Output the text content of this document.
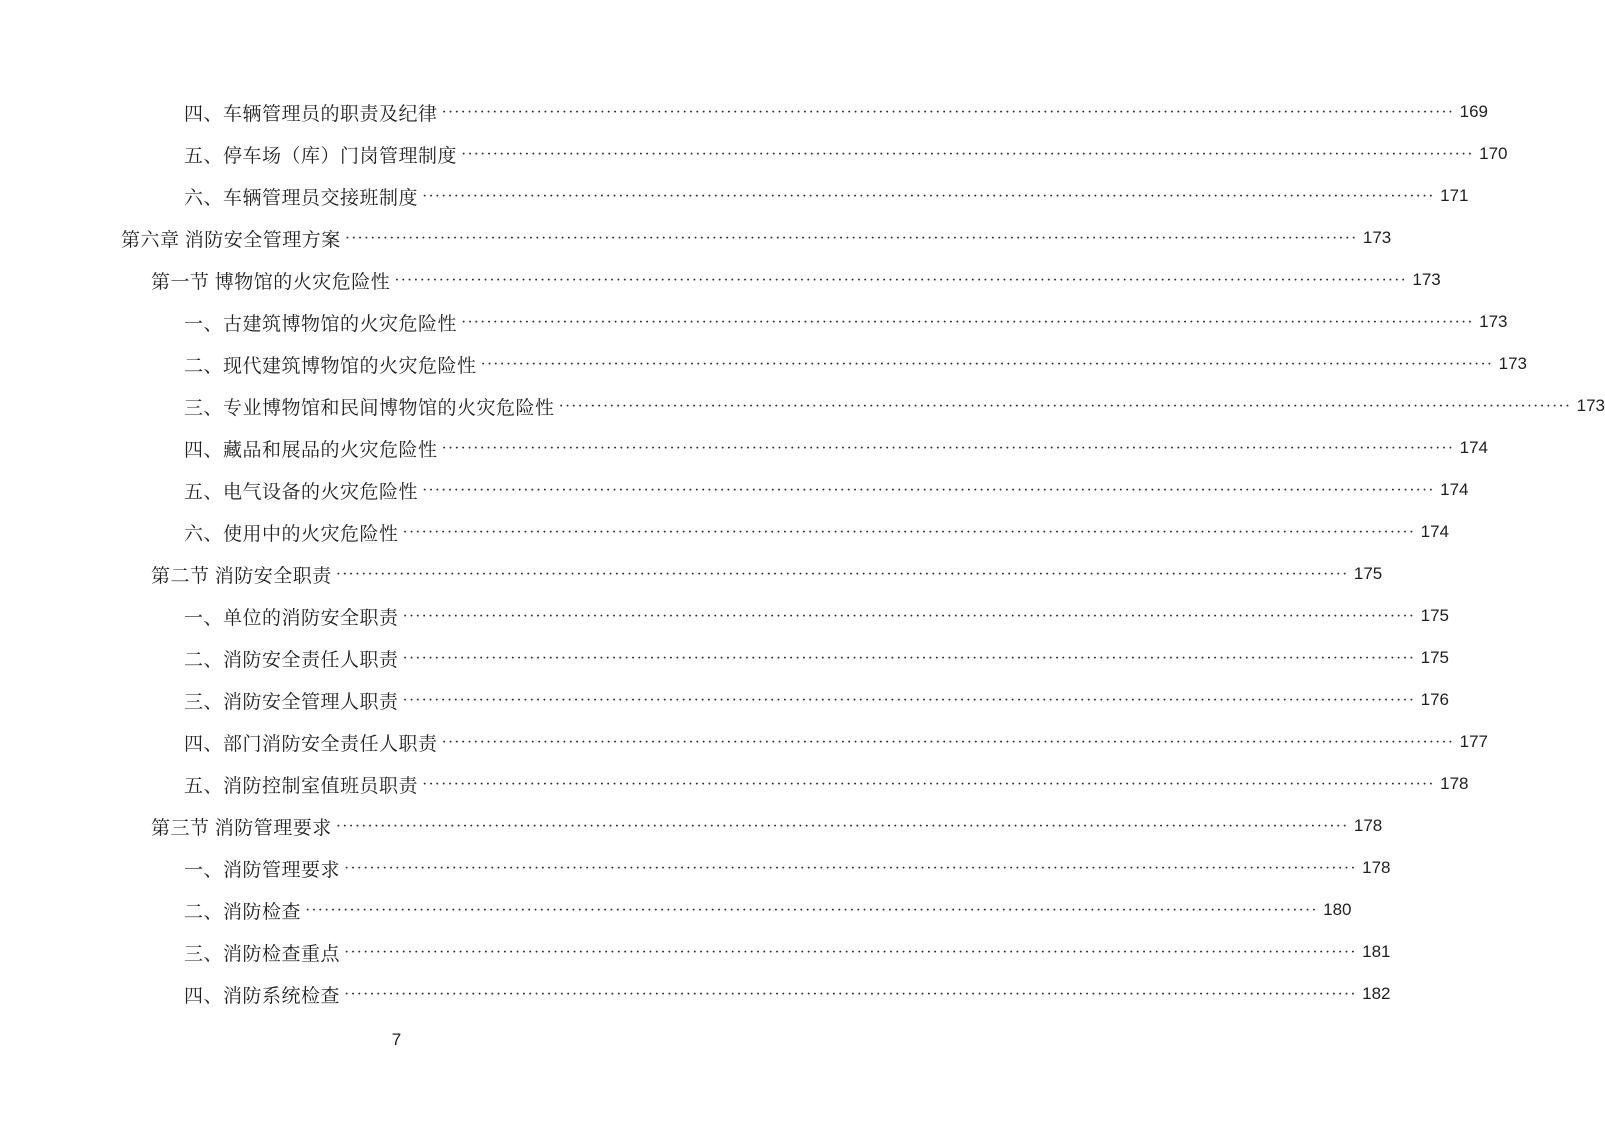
四、车辆管理员的职责及纪律 ································································································································································ 169
五、停车场（库）门岗管理制度 ································································································································································ 170
六、车辆管理员交接班制度 ································································································································································ 171
第六章 消防安全管理方案 ································································································································································ 173
第一节 博物馆的火灾危险性 ································································································································································ 173
一、古建筑博物馆的火灾危险性 ································································································································································ 173
二、现代建筑博物馆的火灾危险性 ································································································································································ 173
三、专业博物馆和民间博物馆的火灾危险性 ································································································································································ 173
四、藏品和展品的火灾危险性 ································································································································································ 174
五、电气设备的火灾危险性 ································································································································································ 174
六、使用中的火灾危险性 ································································································································································ 174
第二节 消防安全职责 ································································································································································ 175
一、单位的消防安全职责 ································································································································································ 175
二、消防安全责任人职责 ································································································································································ 175
三、消防安全管理人职责 ································································································································································ 176
四、部门消防安全责任人职责 ································································································································································ 177
五、消防控制室值班员职责 ································································································································································ 178
第三节 消防管理要求 ································································································································································ 178
一、消防管理要求 ································································································································································ 178
二、消防检查 ································································································································································ 180
三、消防检查重点 ································································································································································ 181
四、消防系统检查 ································································································································································ 182
7
